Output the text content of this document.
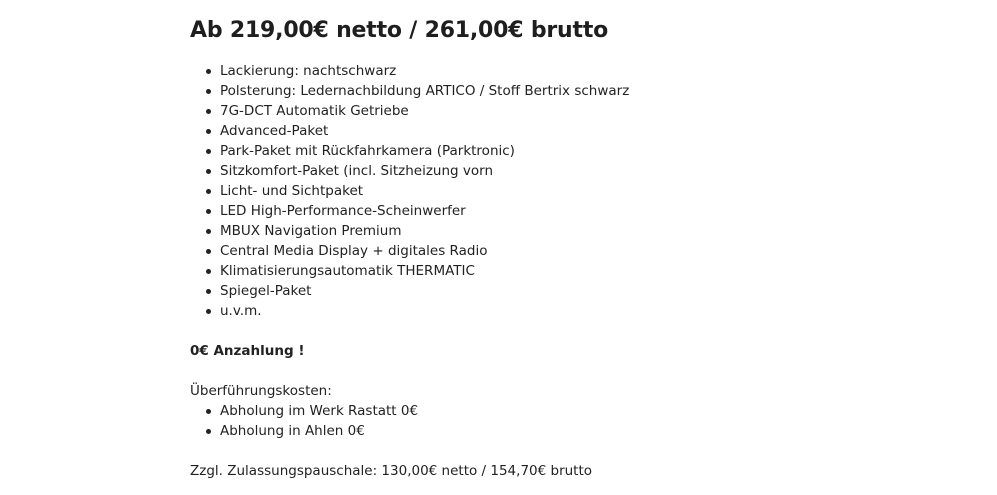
Ab 219,00€ netto / 261,00€ brutto
Lackierung: nachtschwarz
Polsterung: Ledernachbildung ARTICO / Stoff Bertrix schwarz
7G-DCT Automatik Getriebe
Advanced-Paket
Park-Paket mit Rückfahrkamera (Parktronic)
Sitzkomfort-Paket (incl. Sitzheizung vorn
Licht- und Sichtpaket
LED High-Performance-Scheinwerfer
MBUX Navigation Premium
Central Media Display + digitales Radio
Klimatisierungsautomatik THERMATIC
Spiegel-Paket
u.v.m.
0€ Anzahlung !
Überführungskosten:
Abholung im Werk Rastatt 0€
Abholung in Ahlen 0€
Zzgl. Zulassungspauschale: 130,00€ netto / 154,70€ brutto
